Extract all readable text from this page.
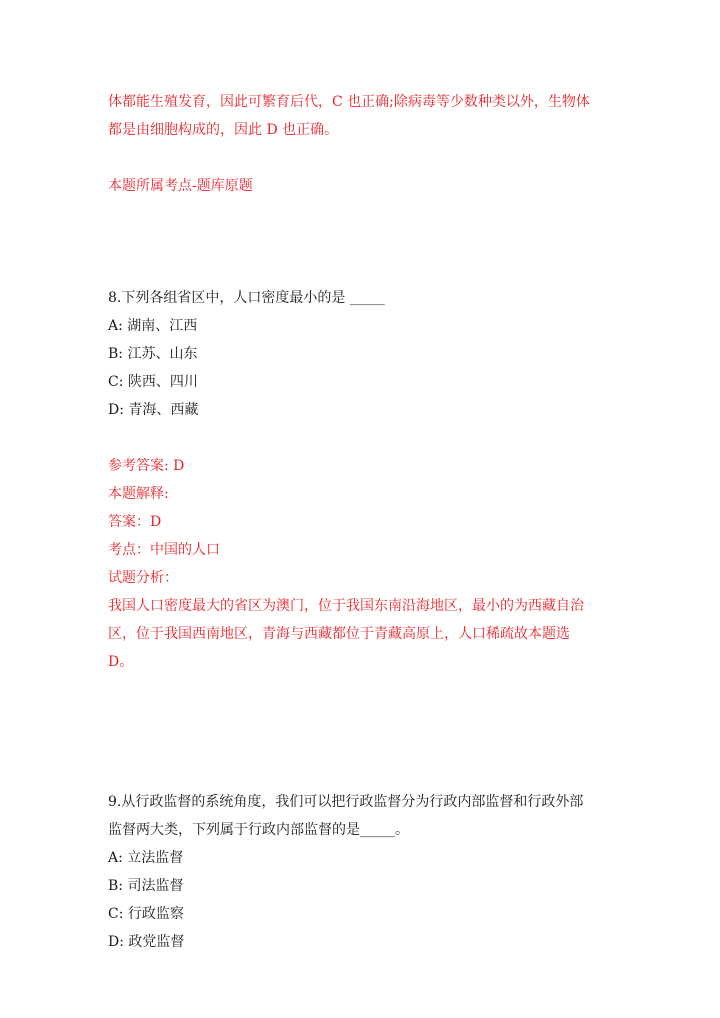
体都能生殖发育，因此可繁育后代，C 也正确;除病毒等少数种类以外，生物体
都是由细胞构成的，因此 D 也正确。
本题所属考点-题库原题
8.下列各组省区中，人口密度最小的是 _____
A: 湖南、江西
B: 江苏、山东
C: 陕西、四川
D: 青海、西藏
参考答案: D
本题解释:
答案：D
考点：中国的人口
试题分析：
我国人口密度最大的省区为澳门，位于我国东南沿海地区，最小的为西藏自治
区，位于我国西南地区，青海与西藏都位于青藏高原上，人口稀疏故本题选
D。
9.从行政监督的系统角度，我们可以把行政监督分为行政内部监督和行政外部
监督两大类，下列属于行政内部监督的是_____。
A: 立法监督
B: 司法监督
C: 行政监察
D: 政党监督
